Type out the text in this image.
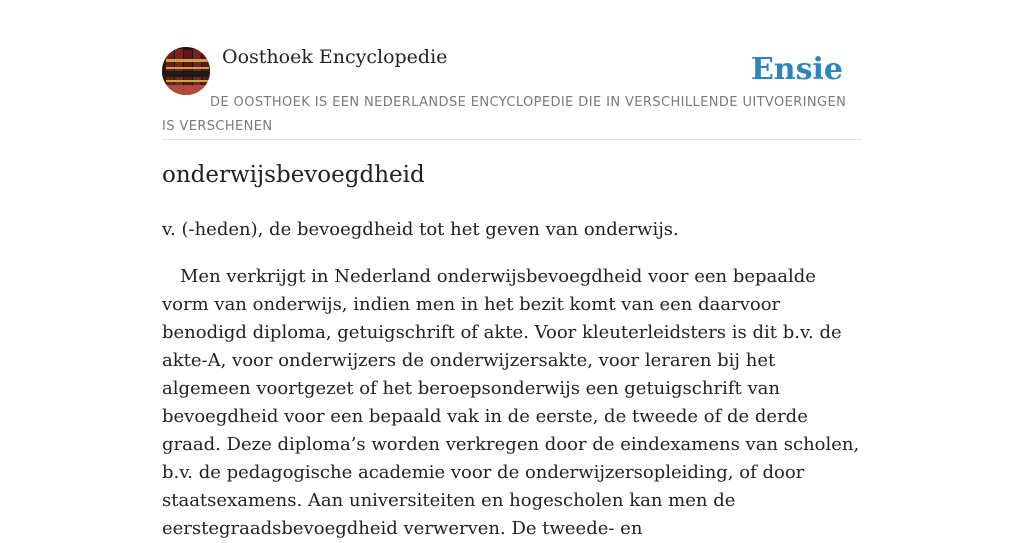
Oosthoek Encyclopedie	Ensie

DE OOSTHOEK IS EEN NEDERLANDSE ENCYCLOPEDIE DIE IN VERSCHILLENDE UITVOERINGEN IS VERSCHENEN

onderwijsbevoegdheid

v. (-heden), de bevoegdheid tot het geven van onderwijs.

Men verkrijgt in Nederland onderwijsbevoegdheid voor een bepaalde vorm van onderwijs, indien men in het bezit komt van een daarvoor benodigd diploma, getuigschrift of akte. Voor kleuterleidsters is dit b.v. de akte-A, voor onderwijzers de onderwijzersakte, voor leraren bij het algemeen voortgezet of het beroepsonderwijs een getuigschrift van bevoegdheid voor een bepaald vak in de eerste, de tweede of de derde graad. Deze diploma’s worden verkregen door de eindexamens van scholen, b.v. de pedagogische academie voor de onderwijzersopleiding, of door staatsexamens. Aan universiteiten en hogescholen kan men de eerstegraadsbevoegdheid verwerven. De tweede- en
